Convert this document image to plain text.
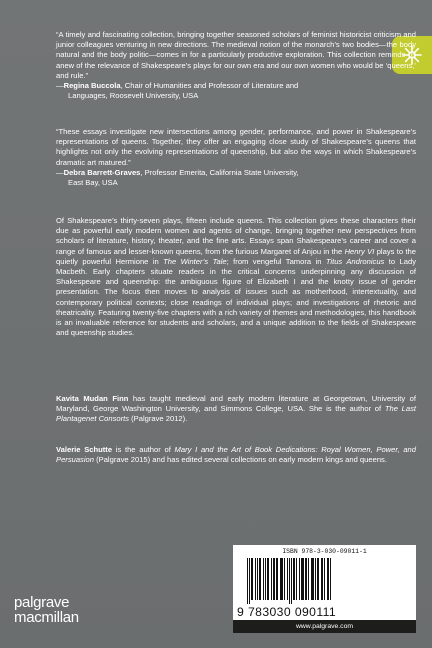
“A timely and fascinating collection, bringing together seasoned scholars of feminist historicist criticism and junior colleagues venturing in new directions. The medieval notion of the monarch’s two bodies—the body natural and the body politic—comes in for a particularly productive exploration. This collection reminds us anew of the relevance of Shakespeare’s plays for our own era and our own women who would be ‘queens,’ and rule.”

—Regina Buccola, Chair of Humanities and Professor of Literature and
Languages, Roosevelt University, USA

“These essays investigate new intersections among gender, performance, and power in Shakespeare’s representations of queens. Together, they offer an engaging close study of Shakespeare’s queens that highlights not only the evolving representations of queenship, but also the ways in which Shakespeare’s dramatic art matured.”

—Debra Barrett-Graves, Professor Emerita, California State University,
East Bay, USA

Of Shakespeare’s thirty-seven plays, fifteen include queens. This collection gives these characters their due as powerful early modern women and agents of change, bringing together new perspectives from scholars of literature, history, theater, and the fine arts. Essays span Shakespeare’s career and cover a range of famous and lesser-known queens, from the furious Margaret of Anjou in the Henry VI plays to the quietly powerful Hermione in The Winter’s Tale; from vengeful Tamora in Titus Andronicus to Lady Macbeth. Early chapters situate readers in the critical concerns underpinning any discussion of Shakespeare and queenship: the ambiguous figure of Elizabeth I and the knotty issue of gender presentation. The focus then moves to analysis of issues such as motherhood, intertextuality, and contemporary political contexts; close readings of individual plays; and investigations of rhetoric and theatricality. Featuring twenty-five chapters with a rich variety of themes and methodologies, this handbook is an invaluable reference for students and scholars, and a unique addition to the fields of Shakespeare and queenship studies.

Kavita Mudan Finn has taught medieval and early modern literature at Georgetown, University of Maryland, George Washington University, and Simmons College, USA. She is the author of The Last Plantagenet Consorts (Palgrave 2012).

Valerie Schutte is the author of Mary I and the Art of Book Dedications: Royal Women, Power, and Persuasion (Palgrave 2015) and has edited several collections on early modern kings and queens.

palgrave
macmillan
ISBN 978-3-030-09011-1
9 783030 090111
www.palgrave.com
